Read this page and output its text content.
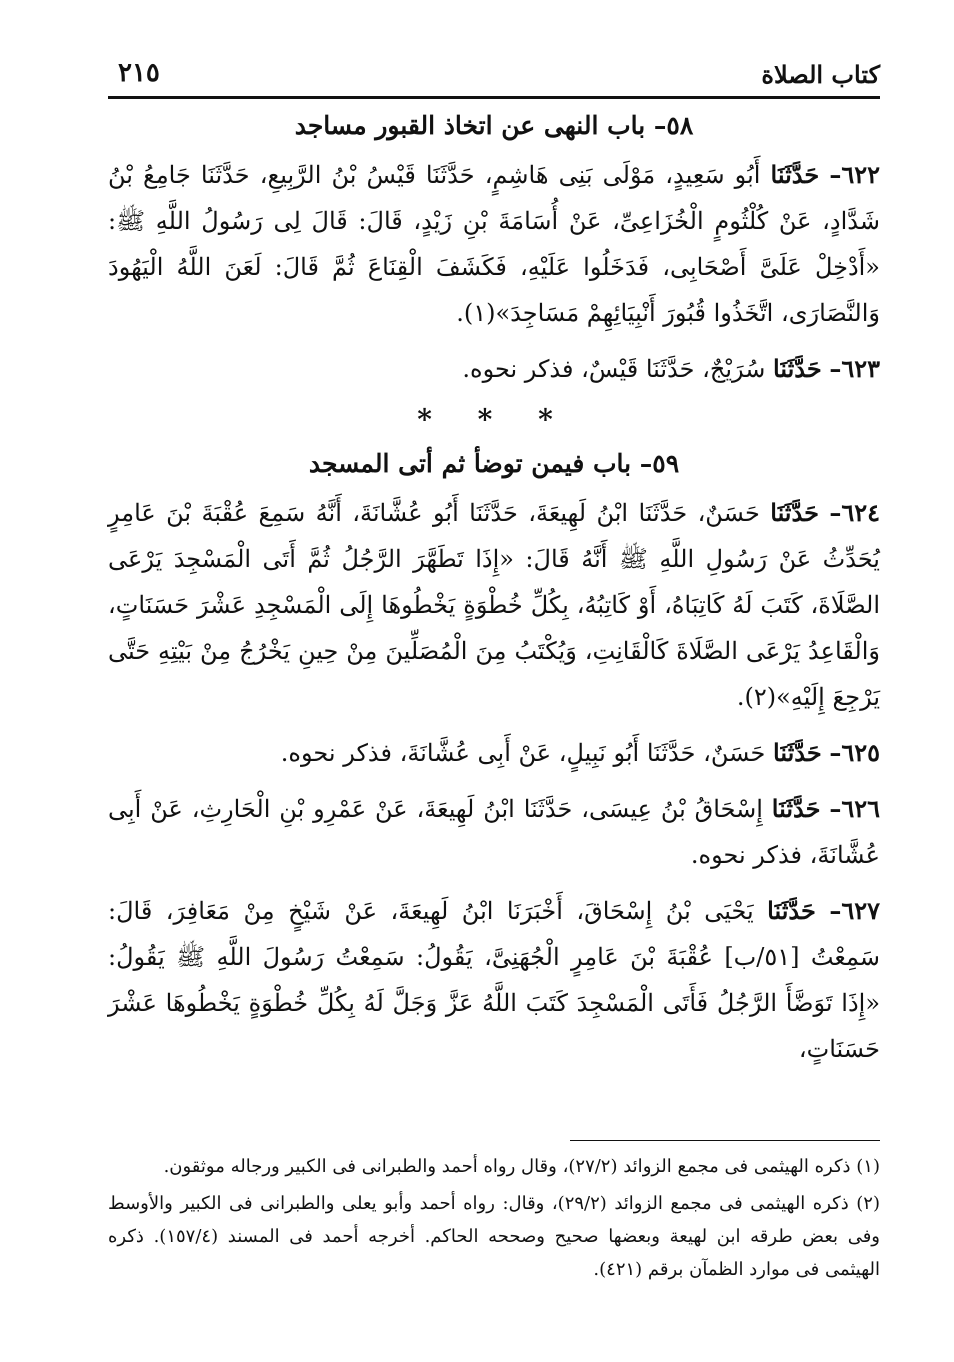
كتاب الصلاة
٢١٥
٥٨– باب النهى عن اتخاذ القبور مساجد

٦٢٢– حَدَّثَنَا أَبُو سَعِيدٍ، مَوْلَى بَنِى هَاشِمٍ، حَدَّثَنَا قَيْسُ بْنُ الرَّبِيعِ، حَدَّثَنَا جَامِعُ بْنُ شَدَّادٍ، عَنْ كُلْثُومٍ الْخُزَاعِىِّ، عَنْ أُسَامَةَ بْنِ زَيْدٍ، قَالَ: قَالَ لِى رَسُولُ اللَّهِ ﷺ: «أَدْخِلْ عَلَىَّ أَصْحَابِى، فَدَخَلُوا عَلَيْهِ، فَكَشَفَ الْقِنَاعَ ثُمَّ قَالَ: لَعَنَ اللَّهُ الْيَهُودَ وَالنَّصَارَى، اتَّخَذُوا قُبُورَ أَنْبِيَائِهِمْ مَسَاجِدَ»(١).

٦٢٣– حَدَّثَنَا سُرَيْجٌ، حَدَّثَنَا قَيْسٌ، فذكر نحوه.

* * *
٥٩– باب فيمن توضأ ثم أتى المسجد

٦٢٤– حَدَّثَنَا حَسَنٌ، حَدَّثَنَا ابْنُ لَهِيعَةَ، حَدَّثَنَا أَبُو عُشَّانَةَ، أَنَّهُ سَمِعَ عُقْبَةَ بْنَ عَامِرٍ يُحَدِّثُ عَنْ رَسُولِ اللَّهِ ﷺ أَنَّهُ قَالَ: «إِذَا تَطَهَّرَ الرَّجُلُ ثُمَّ أَتَى الْمَسْجِدَ يَرْعَى الصَّلَاةَ، كَتَبَ لَهُ كَاتِبَاهُ، أَوْ كَاتِبُهُ، بِكُلِّ خُطْوَةٍ يَخْطُوهَا إِلَى الْمَسْجِدِ عَشْرَ حَسَنَاتٍ، وَالْقَاعِدُ يَرْعَى الصَّلَاةَ كَالْقَانِتِ، وَيُكْتَبُ مِنَ الْمُصَلِّينَ مِنْ حِينِ يَخْرُجُ مِنْ بَيْتِهِ حَتَّى يَرْجِعَ إِلَيْهِ»(٢).

٦٢٥– حَدَّثَنَا حَسَنٌ، حَدَّثَنَا أَبُو نَبِيلٍ، عَنْ أَبِى عُشَّانَةَ، فذكر نحوه.

٦٢٦– حَدَّثَنَا إِسْحَاقُ بْنُ عِيسَى، حَدَّثَنَا ابْنُ لَهِيعَةَ، عَنْ عَمْرِو بْنِ الْحَارِثِ، عَنْ أَبِى عُشَّانَةَ، فذكر نحوه.

٦٢٧– حَدَّثَنَا يَحْيَى بْنُ إِسْحَاقَ، أَخْبَرَنَا ابْنُ لَهِيعَةَ، عَنْ شَيْخٍ مِنْ مَعَافِرَ، قَالَ: سَمِعْتُ [٥١/ب] عُقْبَةَ بْنَ عَامِرٍ الْجُهَنِىَّ، يَقُولُ: سَمِعْتُ رَسُولَ اللَّهِ ﷺ يَقُولُ: «إِذَا تَوَضَّأَ الرَّجُلُ فَأَتَى الْمَسْجِدَ كَتَبَ اللَّهُ عَزَّ وَجَلَّ لَهُ بِكُلِّ خُطْوَةٍ يَخْطُوهَا عَشْرَ حَسَنَاتٍ،

(١) ذكره الهيثمى فى مجمع الزوائد (٢٧/٢)، وقال رواه أحمد والطبرانى فى الكبير ورجاله موثقون.

(٢) ذكره الهيثمى فى مجمع الزوائد (٢٩/٢)، وقال: رواه أحمد وأبو يعلى والطبرانى فى الكبير والأوسط وفى بعض طرقه ابن لهيعة وبعضها صحيح وصححه الحاكم. أخرجه أحمد فى المسند (١٥٧/٤). ذكره الهيثمى فى موارد الظمآن برقم (٤٢١).
